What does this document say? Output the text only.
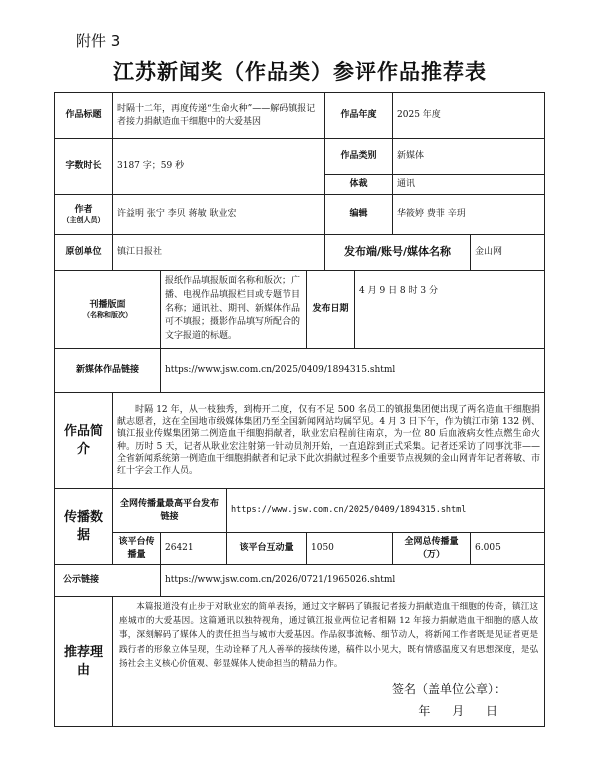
附件 3
江苏新闻奖（作品类）参评作品推荐表
作品标题	时隔十二年，再度传递“生命火种”——解码镇报记者接力捐献造血干细胞中的大爱基因				作品年度		2025 年度	
字数时长	3187 字；59 秒				作品类别		新媒体	
					体裁		通讯	
作者
（主创人员）	许益明 张宁 李贝 蒋敏 耿业宏				编辑		华筱婷 费菲 辛玥	
原创单位	镇江日报社				发布端/账号/媒体名称			金山网
刊播版面
（名称和版次）		报纸作品填报版面名称和版次；广播、电视作品填报栏目或专题节目名称；通讯社、期刊、新媒体作品可不填报；摄影作品填写所配合的文字报道的标题。		发布日期		4 月 9 日 8 时 3 分		
新媒体作品链接		https://www.jsw.com.cn/2025/0409/1894315.shtml						
作品简介	时隔 12 年，从一枝独秀，到梅开二度，仅有不足 500 名员工的镇报集团便出现了两名造血干细胞捐献志愿者，这在全国地市级媒体集团乃至全国新闻网站均属罕见。4 月 3 日下午，作为镇江市第 132 例、镇江报业传媒集团第二例造血干细胞捐献者，耿业宏启程前往南京，为一位 80 后血液病女性点燃生命火种。历时 5 天，记者从耿业宏注射第一针动员剂开始，一直追踪到正式采集。记者还采访了同事沈菲——全省新闻系统第一例造血干细胞捐献者和记录下此次捐献过程多个重要节点视频的金山网青年记者蒋敏、市红十字会工作人员。							
传播数据	全网传播量最高平台发布链接		https://www.jsw.com.cn/2025/0409/1894315.shtml					
	该平台传播量	26421	该平台互动量	1050			全网总传播量（万）	6.005
公示链接		https://www.jsw.com.cn/2026/0721/1965026.shtml						
推荐理由	本篇报道没有止步于对耿业宏的简单表扬，通过文字解码了镇报记者接力捐献造血干细胞的传奇，镇江这座城市的大爱基因。这篇通讯以独特视角，通过镇江报业两位记者相隔 12 年接力捐献造血干细胞的感人故事，深刻解码了媒体人的责任担当与城市大爱基因。作品叙事流畅、细节动人，将新闻工作者既是见证者更是践行者的形象立体呈现，生动诠释了凡人善举的接续传递，稿件以小见大，既有情感温度又有思想深度，是弘扬社会主义核心价值观、彰显媒体人使命担当的精品力作。
签名（盖单位公章）：
年 月 日							
